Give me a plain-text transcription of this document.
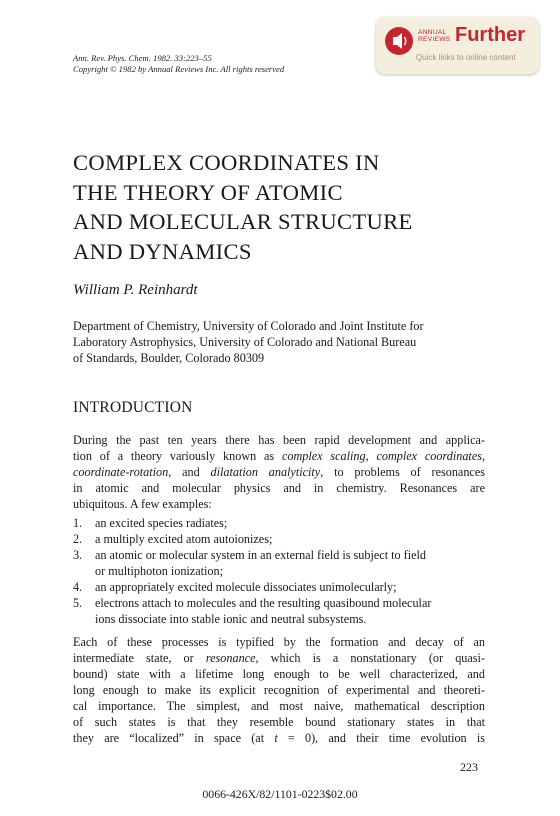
Ann. Rev. Phys. Chem. 1982. 33:223–55
Copyright © 1982 by Annual Reviews Inc. All rights reserved
ANNUAL
REVIEWS Further
Quick links to online content
COMPLEX COORDINATES IN
THE THEORY OF ATOMIC
AND MOLECULAR STRUCTURE
AND DYNAMICS
William P. Reinhardt
Department of Chemistry, University of Colorado and Joint Institute for
Laboratory Astrophysics, University of Colorado and National Bureau
of Standards, Boulder, Colorado 80309
INTRODUCTION
During the past ten years there has been rapid development and applica-
tion of a theory variously known as complex scaling, complex coordinates,
coordinate-rotation, and dilatation analyticity, to problems of resonances
in atomic and molecular physics and in chemistry. Resonances are
ubiquitous. A few examples:
1. an excited species radiates;
2. a multiply excited atom autoionizes;
3. an atomic or molecular system in an external field is subject to field
or multiphoton ionization;
4. an appropriately excited molecule dissociates unimolecularly;
5. electrons attach to molecules and the resulting quasibound molecular
ions dissociate into stable ionic and neutral subsystems.
Each of these processes is typified by the formation and decay of an
intermediate state, or resonance, which is a nonstationary (or quasi-
bound) state with a lifetime long enough to be well characterized, and
long enough to make its explicit recognition of experimental and theoreti-
cal importance. The simplest, and most naive, mathematical description
of such states is that they resemble bound stationary states in that
they are “localized” in space (at t = 0), and their time evolution is
223
0066-426X/82/1101-0223$02.00
